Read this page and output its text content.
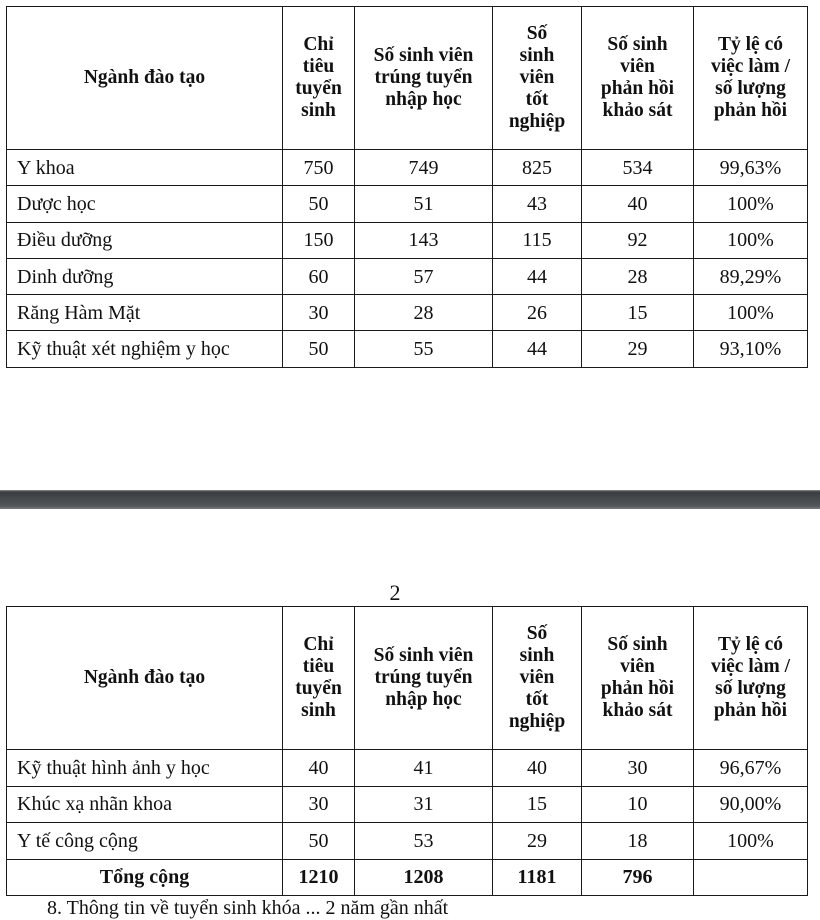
Ngành đào tạo	Chỉ
tiêu
tuyển
sinh	Số sinh viên
trúng tuyển
nhập học	Số
sinh
viên
tốt
nghiệp	Số sinh
viên
phản hồi
khảo sát	Tỷ lệ có
việc làm /
số lượng
phản hồi
Y khoa	750	749	825	534	99,63%
Dược học	50	51	43	40	100%
Điều dưỡng	150	143	115	92	100%
Dinh dưỡng	60	57	44	28	89,29%
Răng Hàm Mặt	30	28	26	15	100%
Kỹ thuật xét nghiệm y học	50	55	44	29	93,10%
2
Ngành đào tạo	Chỉ
tiêu
tuyển
sinh	Số sinh viên
trúng tuyển
nhập học	Số
sinh
viên
tốt
nghiệp	Số sinh
viên
phản hồi
khảo sát	Tỷ lệ có
việc làm /
số lượng
phản hồi
Kỹ thuật hình ảnh y học	40	41	40	30	96,67%
Khúc xạ nhãn khoa	30	31	15	10	90,00%
Y tế công cộng	50	53	29	18	100%
Tổng cộng	1210	1208	1181	796	
8. Thông tin về tuyển sinh khóa ... 2 năm gần nhất
